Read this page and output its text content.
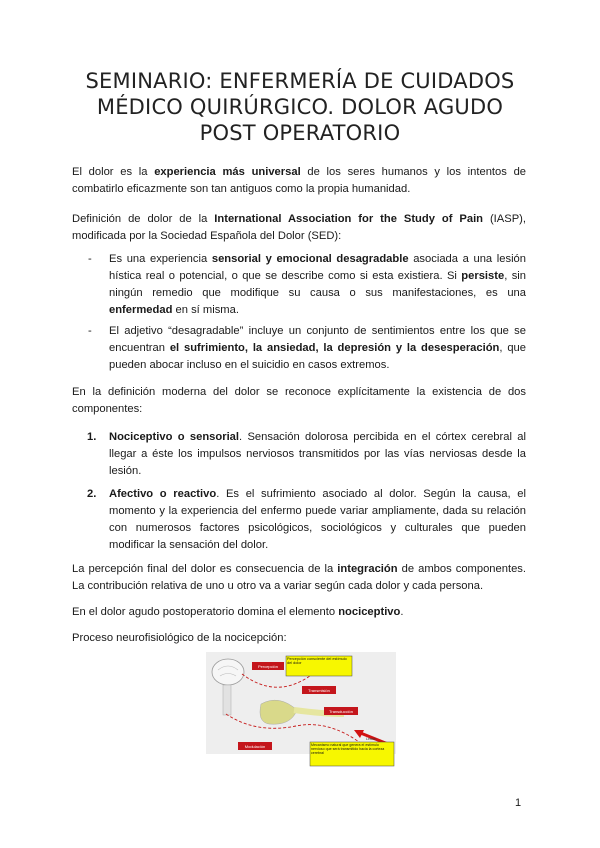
SEMINARIO: ENFERMERÍA DE CUIDADOS
MÉDICO QUIRÚRGICO. DOLOR AGUDO
POST OPERATORIO

El dolor es la experiencia más universal de los seres humanos y los intentos de combatirlo eficazmente son tan antiguos como la propia humanidad.

Definición de dolor de la International Association for the Study of Pain (IASP), modificada por la Sociedad Española del Dolor (SED):

- Es una experiencia sensorial y emocional desagradable asociada a una lesión hística real o potencial, o que se describe como si esta existiera. Si persiste, sin ningún remedio que modifique su causa o sus manifestaciones, es una enfermedad en sí misma.

- El adjetivo “desagradable” incluye un conjunto de sentimientos entre los que se encuentran el sufrimiento, la ansiedad, la depresión y la desesperación, que pueden abocar incluso en el suicidio en casos extremos.

En la definición moderna del dolor se reconoce explícitamente la existencia de dos componentes:

1. Nociceptivo o sensorial. Sensación dolorosa percibida en el córtex cerebral al llegar a éste los impulsos nerviosos transmitidos por las vías nerviosas desde la lesión.

2. Afectivo o reactivo. Es el sufrimiento asociado al dolor. Según la causa, el momento y la experiencia del enfermo puede variar ampliamente, dada su relación con numerosos factores psicológicos, sociológicos y culturales que pueden modificar la sensación del dolor.

La percepción final del dolor es consecuencia de la integración de ambos componentes. La contribución relativa de uno u otro va a variar según cada dolor y cada persona.

En el dolor agudo postoperatorio domina el elemento nociceptivo.

Proceso neurofisiológico de la nocicepción:

Percepción
Transmisión
Transducción
Modulación
Lesión
Percepción consciente del estímulo del dolor
Mecanismo natural que genera el estímulo nervioso que será transmitido hacia la corteza cerebral
1
